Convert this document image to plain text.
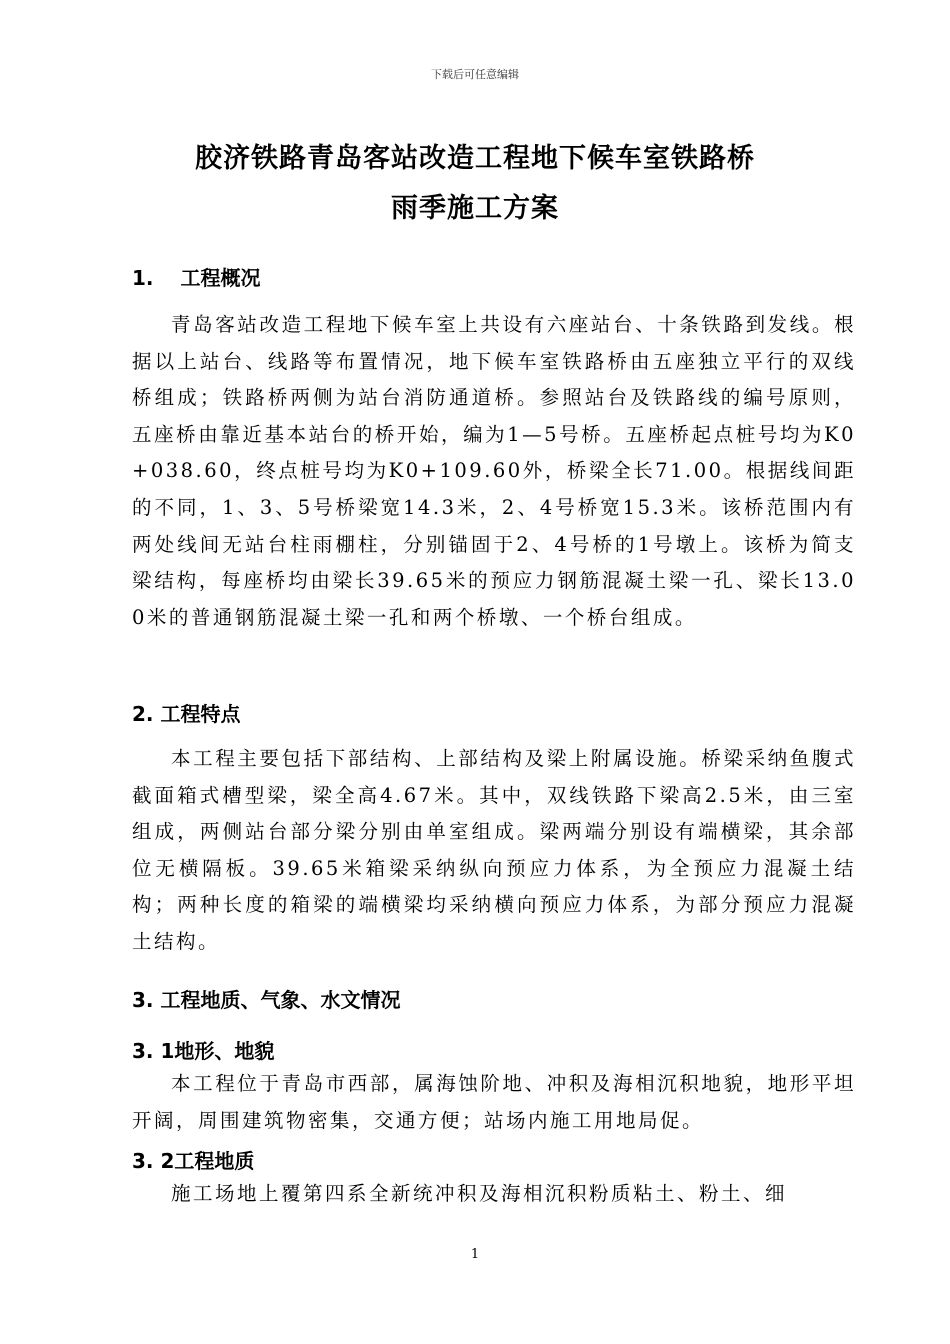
下载后可任意编辑
胶济铁路青岛客站改造工程地下候车室铁路桥
雨季施工方案
1.  工程概况

青岛客站改造工程地下候车室上共设有六座站台、十条铁路到发线。根据以上站台、线路等布置情况，地下候车室铁路桥由五座独立平行的双线桥组成；铁路桥两侧为站台消防通道桥。参照站台及铁路线的编号原则，五座桥由靠近基本站台的桥开始，编为1—5号桥。五座桥起点桩号均为K0+038.60，终点桩号均为K0+109.60外，桥梁全长71.00。根据线间距的不同，1、3、5号桥梁宽14.3米，2、4号桥宽15.3米。该桥范围内有两处线间无站台柱雨棚柱，分别锚固于2、4号桥的1号墩上。该桥为简支梁结构，每座桥均由梁长39.65米的预应力钢筋混凝土梁一孔、梁长13.00米的普通钢筋混凝土梁一孔和两个桥墩、一个桥台组成。

2. 工程特点

本工程主要包括下部结构、上部结构及梁上附属设施。桥梁采纳鱼腹式截面箱式槽型梁，梁全高4.67米。其中，双线铁路下梁高2.5米，由三室组成，两侧站台部分梁分别由单室组成。梁两端分别设有端横梁，其余部位无横隔板。39.65米箱梁采纳纵向预应力体系，为全预应力混凝土结构；两种长度的箱梁的端横梁均采纳横向预应力体系，为部分预应力混凝土结构。

3. 工程地质、气象、水文情况
3. 1地形、地貌

本工程位于青岛市西部，属海蚀阶地、冲积及海相沉积地貌，地形平坦开阔，周围建筑物密集，交通方便；站场内施工用地局促。

3. 2工程地质

施工场地上覆第四系全新统冲积及海相沉积粉质粘土、粉土、细

1
